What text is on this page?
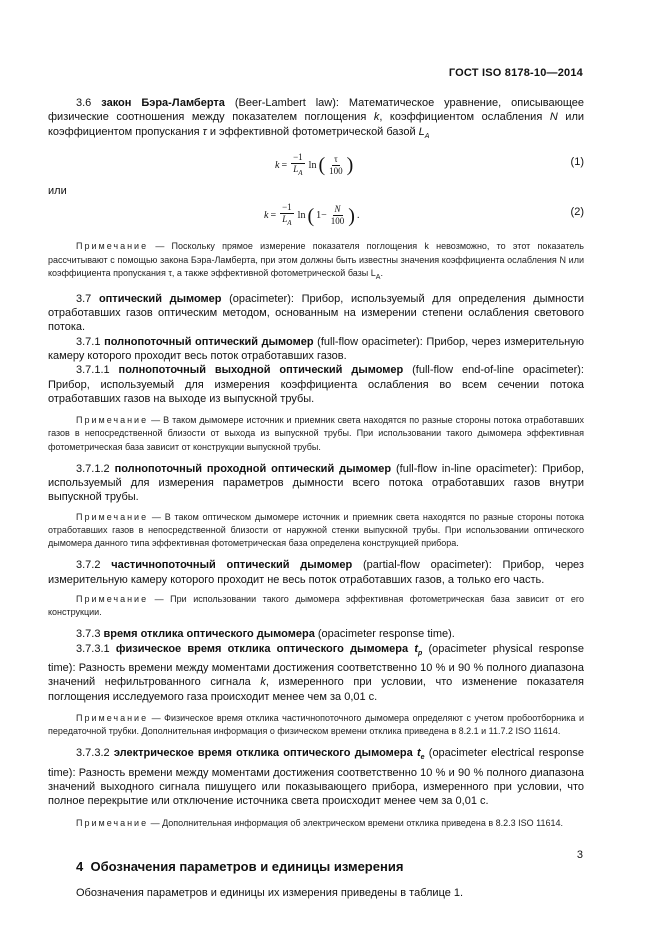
ГОСТ ISO 8178-10—2014

3.6 закон Бэра-Ламберта (Beer-Lambert law): Математическое уравнение, описывающее физические соотношения между показателем поглощения k, коэффициентом ослабления N или коэффициентом пропускания τ и эффективной фотометрической базой $L_A$

$k = \frac{-1}{L_A}$ ln ( $\frac{\tau}{100}$ )	(1)

или

$k = \frac{-1}{L_A}$ ln ( $1- \frac{N}{100}$ ) .	(2)

Примечание — Поскольку прямое измерение показателя поглощения k невозможно, то этот показатель рассчитывают с помощью закона Бэра-Ламберта, при этом должны быть известны значения коэффициента ослабления N или коэффициента пропускания τ, а также эффективной фотометрической базы $L_A$.

3.7 оптический дымомер (opacimeter): Прибор, используемый для определения дымности отработавших газов оптическим методом, основанным на измерении степени ослабления светового потока.

3.7.1 полнопоточный оптический дымомер (full-flow opacimeter): Прибор, через измерительную камеру которого проходит весь поток отработавших газов.

3.7.1.1 полнопоточный выходной оптический дымомер (full-flow end-of-line opacimeter): Прибор, используемый для измерения коэффициента ослабления во всем сечении потока отработавших газов на выходе из выпускной трубы.

Примечание — В таком дымомере источник и приемник света находятся по разные стороны потока отработавших газов в непосредственной близости от выхода из выпускной трубы. При использовании такого дымомера эффективная фотометрическая база зависит от конструкции выпускной трубы.

3.7.1.2 полнопоточный проходной оптический дымомер (full-flow in-line opacimeter): Прибор, используемый для измерения параметров дымности всего потока отработавших газов внутри выпускной трубы.

Примечание — В таком оптическом дымомере источник и приемник света находятся по разные стороны потока отработавших газов в непосредственной близости от наружной стенки выпускной трубы. При использовании оптического дымомера данного типа эффективная фотометрическая база определена конструкцией прибора.

3.7.2 частичнопоточный оптический дымомер (partial-flow opacimeter): Прибор, через измерительную камеру которого проходит не весь поток отработавших газов, а только его часть.

Примечание — При использовании такого дымомера эффективная фотометрическая база зависит от его конструкции.

3.7.3 время отклика оптического дымомера (opacimeter response time).

3.7.3.1 физическое время отклика оптического дымомера $t_p$ (opacimeter physical response time): Разность времени между моментами достижения соответственно 10 % и 90 % полного диапазона значений нефильтрованного сигнала k, измеренного при условии, что изменение показателя поглощения исследуемого газа происходит менее чем за 0,01 с.

Примечание — Физическое время отклика частичнопоточного дымомера определяют с учетом пробоотборника и передаточной трубки. Дополнительная информация о физическом времени отклика приведена в 8.2.1 и 11.7.2 ISO 11614.

3.7.3.2 электрическое время отклика оптического дымомера $t_e$ (opacimeter electrical response time): Разность времени между моментами достижения соответственно 10 % и 90 % полного диапазона значений выходного сигнала пишущего или показывающего прибора, измеренного при условии, что полное перекрытие или отключение источника света происходит менее чем за 0,01 с.

Примечание — Дополнительная информация об электрическом времени отклика приведена в 8.2.3 ISO 11614.

4 Обозначения параметров и единицы измерения

Обозначения параметров и единицы их измерения приведены в таблице 1.

3
